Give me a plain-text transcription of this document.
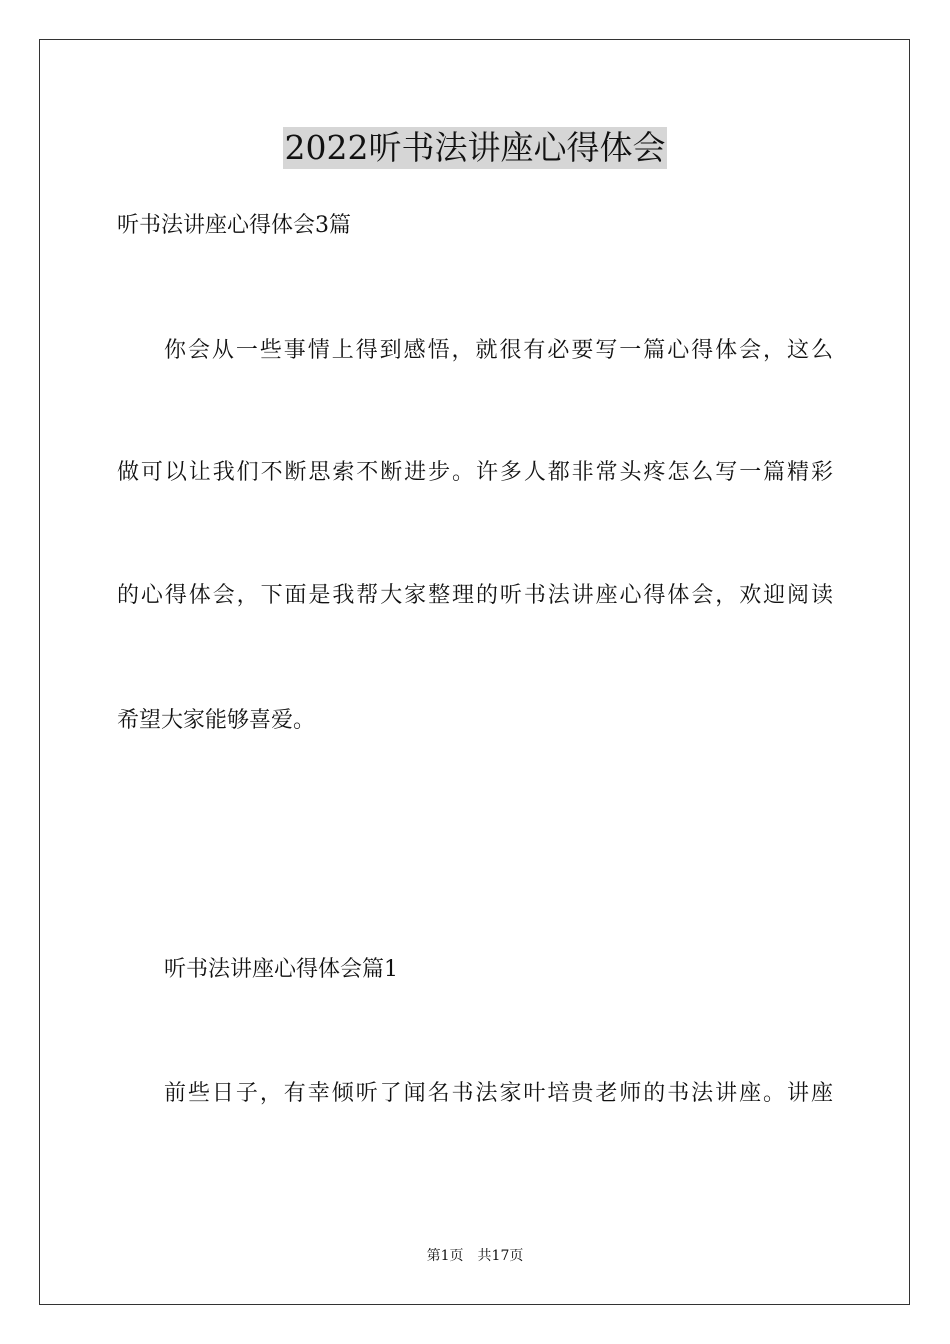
2022听书法讲座心得体会
听书法讲座心得体会3篇
你会从一些事情上得到感悟，就很有必要写一篇心得体会，这么
做可以让我们不断思索不断进步。许多人都非常头疼怎么写一篇精彩
的心得体会，下面是我帮大家整理的听书法讲座心得体会，欢迎阅读
希望大家能够喜爱。
听书法讲座心得体会篇1
前些日子，有幸倾听了闻名书法家叶培贵老师的书法讲座。讲座
第1页 共17页
